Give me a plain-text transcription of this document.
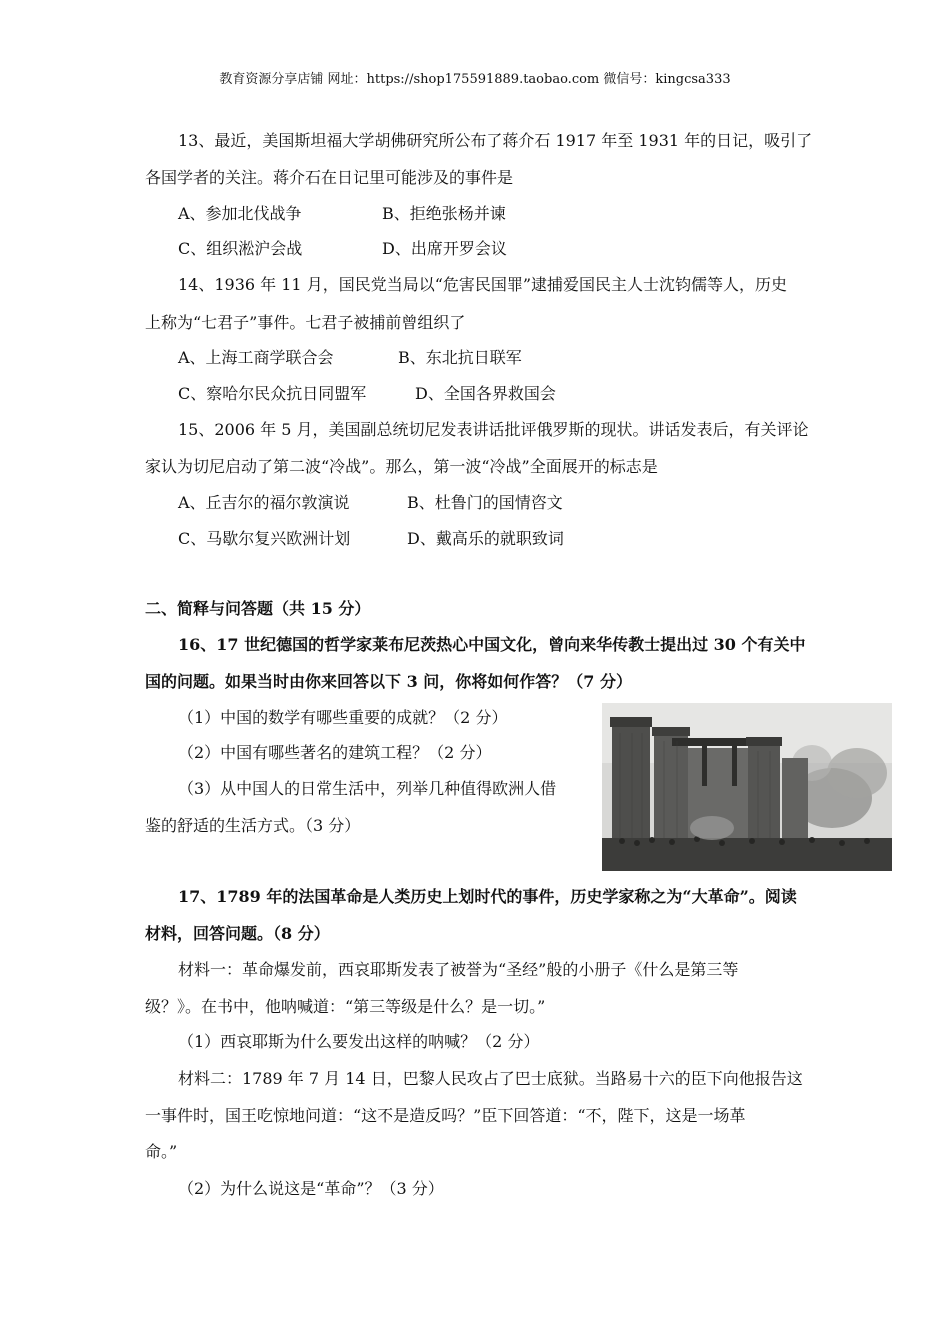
教育资源分享店铺 网址：https://shop175591889.taobao.com 微信号：kingcsa333
13、最近，美国斯坦福大学胡佛研究所公布了蒋介石 1917 年至 1931 年的日记，吸引了
各国学者的关注。蒋介石在日记里可能涉及的事件是
A、参加北伐战争	B、拒绝张杨并谏
C、组织淞沪会战	D、出席开罗会议
14、1936 年 11 月，国民党当局以“危害民国罪”逮捕爱国民主人士沈钧儒等人，历史
上称为“七君子”事件。七君子被捕前曾组织了
A、上海工商学联合会	B、东北抗日联军
C、察哈尔民众抗日同盟军	D、全国各界救国会
15、2006 年 5 月，美国副总统切尼发表讲话批评俄罗斯的现状。讲话发表后，有关评论
家认为切尼启动了第二波“冷战”。那么，第一波“冷战”全面展开的标志是
A、丘吉尔的福尔敦演说	B、杜鲁门的国情咨文
C、马歇尔复兴欧洲计划	D、戴高乐的就职致词
二、简释与问答题（共 15 分）
16、17 世纪德国的哲学家莱布尼茨热心中国文化，曾向来华传教士提出过 30 个有关中
国的问题。如果当时由你来回答以下 3 问，你将如何作答？（7 分）
（1）中国的数学有哪些重要的成就？（2 分）
（2）中国有哪些著名的建筑工程？（2 分）
（3）从中国人的日常生活中，列举几种值得欧洲人借
鉴的舒适的生活方式。（3 分）
17、1789 年的法国革命是人类历史上划时代的事件，历史学家称之为“大革命”。阅读
材料，回答问题。（8 分）
材料一：革命爆发前，西哀耶斯发表了被誉为“圣经”般的小册子《什么是第三等
级？》。在书中，他呐喊道：“第三等级是什么？是一切。”
（1）西哀耶斯为什么要发出这样的呐喊？（2 分）
材料二：1789 年 7 月 14 日，巴黎人民攻占了巴士底狱。当路易十六的臣下向他报告这
一事件时，国王吃惊地问道：“这不是造反吗？”臣下回答道：“不，陛下，这是一场革
命。”
（2）为什么说这是“革命”？（3 分）
